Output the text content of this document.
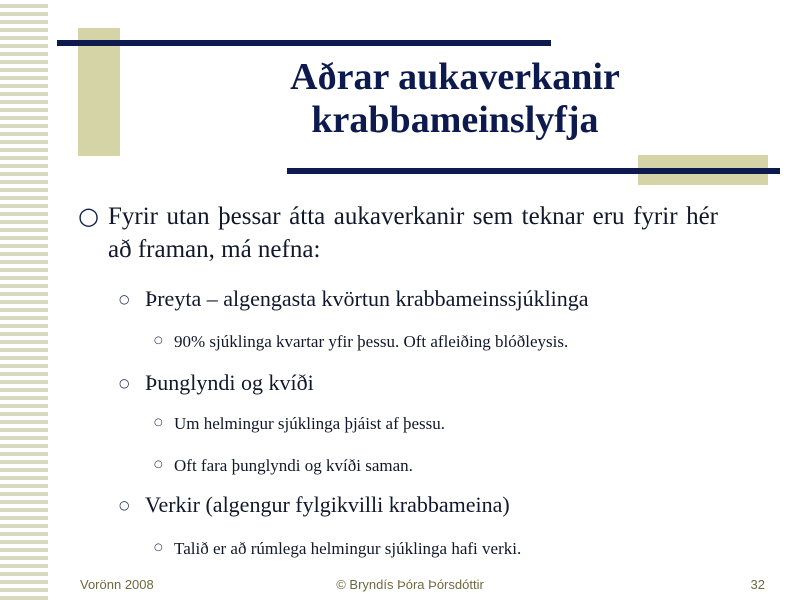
Aðrar aukaverkanir
krabbameinslyfja
○ Fyrir utan þessar átta aukaverkanir sem teknar eru fyrir hér að framan, má nefna:
○ Þreyta – algengasta kvörtun krabbameinssjúklinga
○ 90% sjúklinga kvartar yfir þessu. Oft afleiðing blóðleysis.
○ Þunglyndi og kvíði
○ Um helmingur sjúklinga þjáist af þessu.
○ Oft fara þunglyndi og kvíði saman.
○ Verkir (algengur fylgikvilli krabbameina)
○ Talið er að rúmlega helmingur sjúklinga hafi verki.
Vorönn 2008	© Bryndís Þóra Þórsdóttir	32
